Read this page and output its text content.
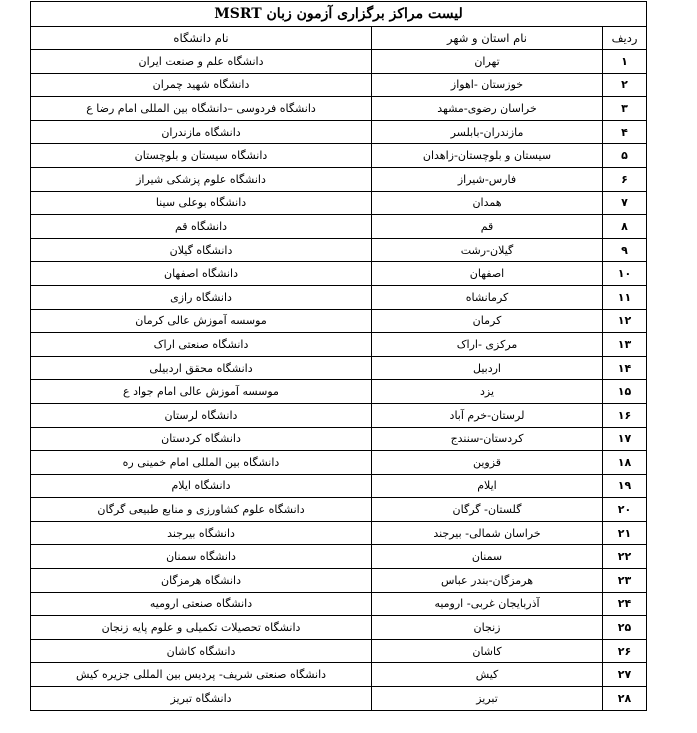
لیست مراکز برگزاری آزمون زبان MSRT		
ردیف	نام استان و شهر	نام دانشگاه
۱	تهران	دانشگاه علم و صنعت ایران
۲	خوزستان -اهواز	دانشگاه شهید چمران
۳	خراسان رضوی-مشهد	دانشگاه فردوسی –دانشگاه بین المللی امام رضا ع
۴	مازندران-بابلسر	دانشگاه مازندران
۵	سیستان و بلوچستان-زاهدان	دانشگاه سیستان و بلوچستان
۶	فارس-شیراز	دانشگاه علوم پزشکی شیراز
۷	همدان	دانشگاه بوعلی سینا
۸	قم	دانشگاه قم
۹	گیلان-رشت	دانشگاه گیلان
۱۰	اصفهان	دانشگاه اصفهان
۱۱	کرمانشاه	دانشگاه رازی
۱۲	کرمان	موسسه آموزش عالی کرمان
۱۳	مرکزی -اراک	دانشگاه صنعتی اراک
۱۴	اردبیل	دانشگاه محقق اردبیلی
۱۵	یزد	موسسه آموزش عالی امام جواد ع
۱۶	لرستان-خرم آباد	دانشگاه لرستان
۱۷	کردستان-سنندج	دانشگاه کردستان
۱۸	قزوین	دانشگاه بین المللی امام خمینی ره
۱۹	ایلام	دانشگاه ایلام
۲۰	گلستان- گرگان	دانشگاه علوم کشاورزی و منابع طبیعی گرگان
۲۱	خراسان شمالی- بیرجند	دانشگاه بیرجند
۲۲	سمنان	دانشگاه سمنان
۲۳	هرمزگان-بندر عباس	دانشگاه هرمزگان
۲۴	آذربایجان غربی- ارومیه	دانشگاه صنعتی ارومیه
۲۵	زنجان	دانشگاه تحصیلات تکمیلی و علوم پایه زنجان
۲۶	کاشان	دانشگاه کاشان
۲۷	کیش	دانشگاه صنعتی شریف- پردیس بین المللی جزیره کیش
۲۸	تبریز	دانشگاه تبریز
